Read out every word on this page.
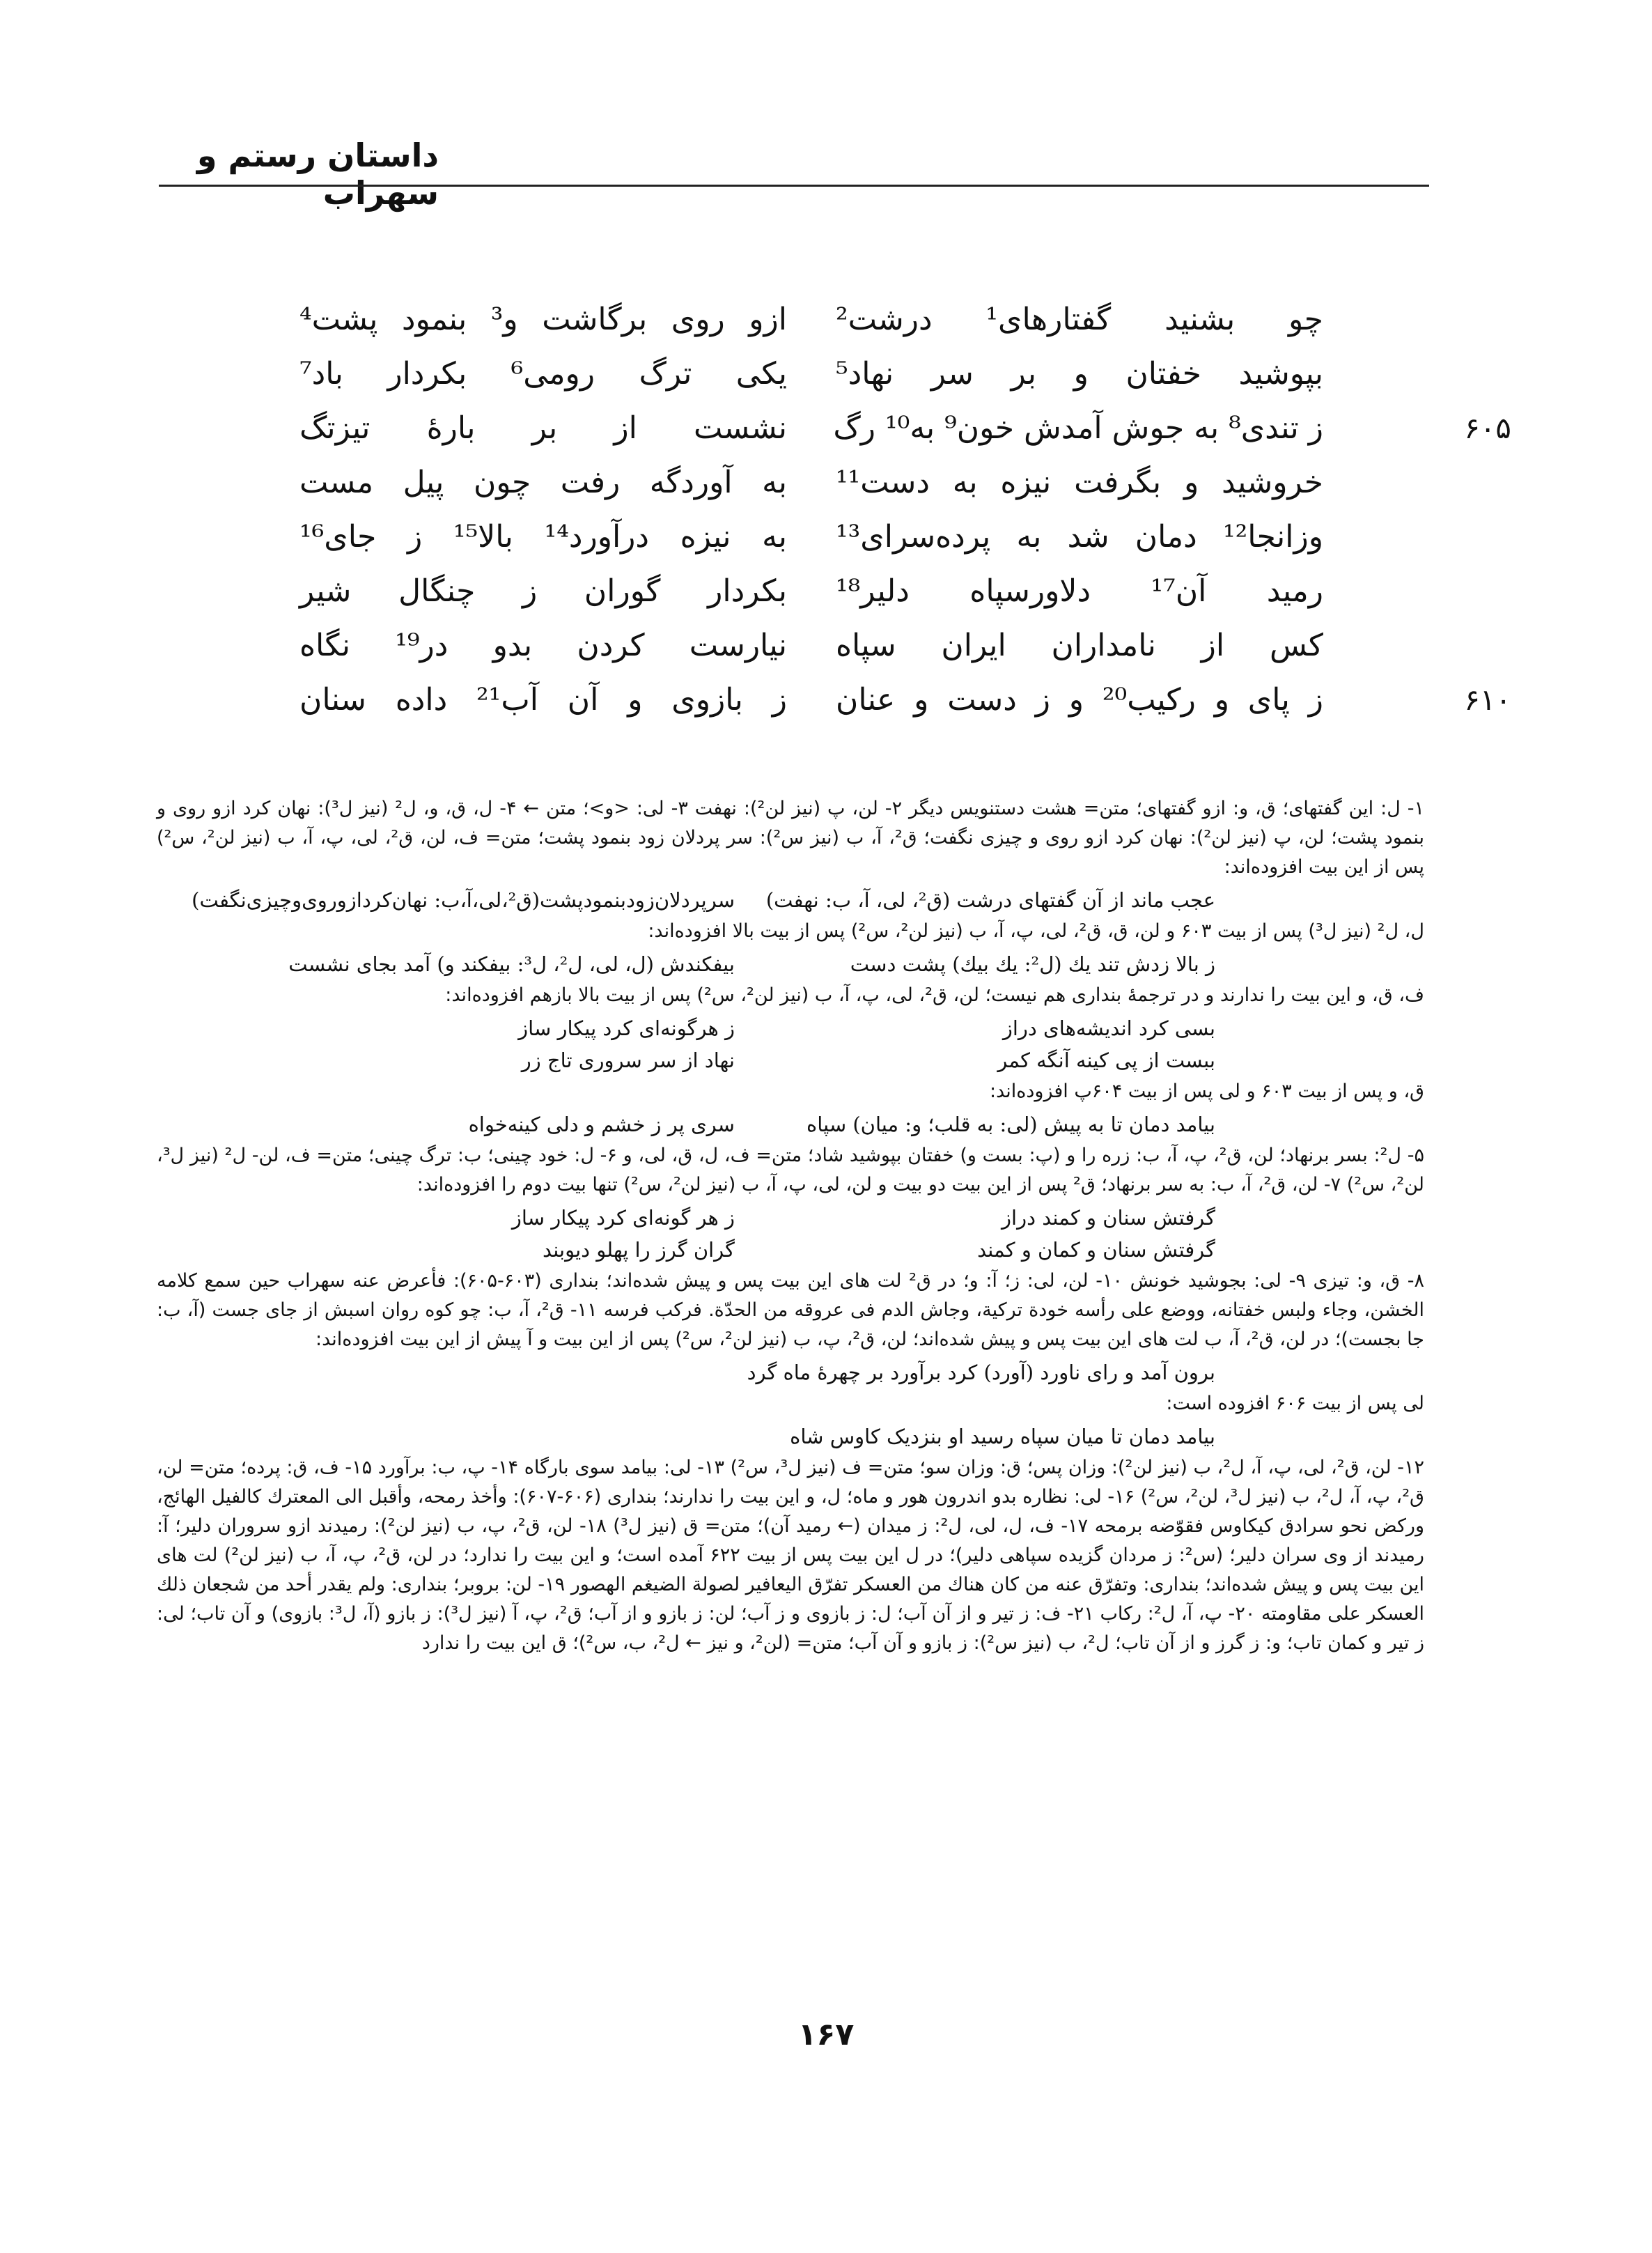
داستان رستم و سهراب
چو بشنید گفتارهای¹ درشت²
ازو روی برگاشت و³ بنمود پشت⁴
بپوشید خفتان و بر سر نهاد⁵
یکی ترگ رومی⁶ بکردار باد⁷
۶۰۵
ز تندی⁸ به جوش آمدش خون⁹ به¹⁰ رگ
نشست از بر بارهٔ تیزتگ
خروشید و بگرفت نیزه به دست¹¹
به آوردگه رفت چون پیل مست
وزانجا¹² دمان شد به پرده‌سرای¹³
به نیزه درآورد¹⁴ بالا¹⁵ ز جای¹⁶
رمید آن¹⁷ دلاورسپاه دلیر¹⁸
بکردار گوران ز چنگال شیر
کس از نامداران ایران سپاه
نیارست کردن بدو در¹⁹ نگاه
۶۱۰
ز پای و رکیب²⁰ و ز دست و عنان
ز بازوی و آن آب²¹ داده سنان

۱- ل: این گفتهای؛ ق، و: ازو گفتهای؛ متن= هشت دستنویس دیگر ۲- لن، پ (نیز لن²): نهفت ۳- لی: <و>؛ متن ← ۴- ل، ق، و، ل² (نیز ل³): نهان کرد ازو روی و بنمود پشت؛ لن، پ (نیز لن²): نهان کرد ازو روی و چیزی نگفت؛ ق²، آ، ب (نیز س²): سر پردلان زود بنمود پشت؛ متن= ف، لن، ق²، لی، پ، آ، ب (نیز لن²، س²) پس از این بیت افزوده‌اند:

عجب ماند از آن گفتهای درشت (ق²، لی، آ، ب: نهفت)
سرپردلان‌زودبنمودپشت(ق²،لی،آ،ب: نهان‌کردازوروی‌وچیزی‌نگفت)

ل، ل² (نیز ل³) پس از بیت ۶۰۳ و لن، ق، ق²، لی، پ، آ، ب (نیز لن²، س²) پس از بیت بالا افزوده‌اند:

ز بالا زدش تند یك (ل²: یك بیك) پشت دست
بیفکندش (ل، لی، ل²، ل³: بیفکند و) آمد بجای نشست

ف، ق، و این بیت را ندارند و در ترجمهٔ بنداری هم نیست؛ لن، ق²، لی، پ، آ، ب (نیز لن²، س²) پس از بیت بالا بازهم افزوده‌اند:

بسی کرد اندیشه‌های دراز
ز هرگونه‌ای کرد پیکار ساز
ببست از پی کینه آنگه کمر
نهاد از سر سروری تاج زر

ق، و پس از بیت ۶۰۳ و لی پس از بیت ۶۰۴پ افزوده‌اند:

بیامد دمان تا به پیش (لی: به قلب؛ و: میان) سپاه
سری پر ز خشم و دلی کینه‌خواه

۵- ل²: بسر برنهاد؛ لن، ق²، پ، آ، ب: زره را و (پ: بست و) خفتان بپوشید شاد؛ متن= ف، ل، ق، لی، و ۶- ل: خود چینی؛ ب: ترگ چینی؛ متن= ف، لن- ل² (نیز ل³، لن²، س²) ۷- لن، ق²، آ، ب: به سر برنهاد؛ ق² پس از این بیت دو بیت و لن، لی، پ، آ، ب (نیز لن²، س²) تنها بیت دوم را افزوده‌اند:

گرفتش سنان و کمند دراز
ز هر گونه‌ای کرد پیکار ساز
گرفتش سنان و کمان و کمند
گران گرز را پهلو دیوبند

۸- ق، و: تیزی ۹- لی: بجوشید خونش ۱۰- لن، لی: ز؛ آ: و؛ در ق² لت های این بیت پس و پیش شده‌اند؛ بنداری (۶۰۳-۶۰۵): فأعرض عنه سهراب حین سمع کلامه الخشن، وجاء ولبس خفتانه، ووضع علی رأسه خودة ترکیة، وجاش الدم فی عروقه من الحدّة. فرکب فرسه ۱۱- ق²، آ، ب: چو کوه روان اسبش از جای جست (آ، ب: جا بجست)؛ در لن، ق²، آ، ب لت های این بیت پس و پیش شده‌اند؛ لن، ق²، پ، ب (نیز لن²، س²) پس از این بیت و آ پیش از این بیت افزوده‌اند:

برون آمد و رای ناورد (آورد) کرد برآورد بر چهرهٔ ماه گرد

لی پس از بیت ۶۰۶ افزوده است:

بیامد دمان تا میان سپاه رسید او بنزدیک کاوس شاه

۱۲- لن، ق²، لی، پ، آ، ل²، ب (نیز لن²): وزان پس؛ ق: وزان سو؛ متن= ف (نیز ل³، س²) ۱۳- لی: بیامد سوی بارگاه ۱۴- پ، ب: برآورد ۱۵- ف، ق: پرده؛ متن= لن، ق²، پ، آ، ل²، ب (نیز ل³، لن²، س²) ۱۶- لی: نظاره بدو اندرون هور و ماه؛ ل، و این بیت را ندارند؛ بنداری (۶۰۶-۶۰۷): وأخذ رمحه، وأقبل الی المعترك کالفیل الهائج، ورکض نحو سرادق کیکاوس فقوّضه برمحه ۱۷- ف، ل، لی، ل²: ز میدان (← رمید آن)؛ متن= ق (نیز ل³) ۱۸- لن، ق²، پ، ب (نیز لن²): رمیدند ازو سروران دلیر؛ آ: رمیدند از وی سران دلیر؛ (س²: ز مردان گزیده سپاهی دلیر)؛ در ل این بیت پس از بیت ۶۲۲ آمده است؛ و این بیت را ندارد؛ در لن، ق²، پ، آ، ب (نیز لن²) لت های این بیت پس و پیش شده‌اند؛ بنداری: وتفرّق عنه من کان هناك من العسکر تفرّق الیعافیر لصولة الضیغم الهصور ۱۹- لن: بروبر؛ بنداری: ولم یقدر أحد من شجعان ذلك العسکر علی مقاومته ۲۰- پ، آ، ل²: رکاب ۲۱- ف: ز تیر و از آن آب؛ ل: ز بازوی و ز آب؛ لن: ز بازو و از آب؛ ق²، پ، آ (نیز ل³): ز بازو (آ، ل³: بازوی) و آن تاب؛ لی: ز تیر و کمان تاب؛ و: ز گرز و از آن تاب؛ ل²، ب (نیز س²): ز بازو و آن آب؛ متن= (لن²، و نیز ← ل²، ب، س²)؛ ق این بیت را ندارد

۱۶۷
